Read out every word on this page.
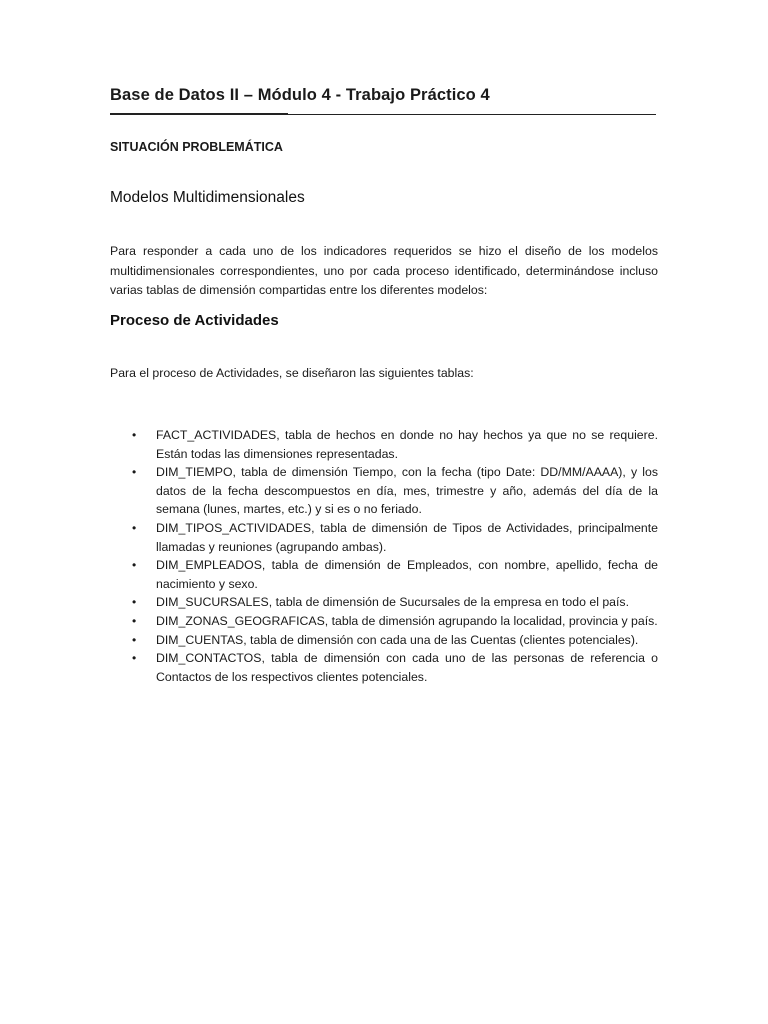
Base de Datos II – Módulo 4 - Trabajo Práctico 4
SITUACIÓN PROBLEMÁTICA
Modelos Multidimensionales

Para responder a cada uno de los indicadores requeridos se hizo el diseño de los modelos multidimensionales correspondientes, uno por cada proceso identificado, determinándose incluso varias tablas de dimensión compartidas entre los diferentes modelos:

Proceso de Actividades
Para el proceso de Actividades, se diseñaron las siguientes tablas:
• FACT_ACTIVIDADES, tabla de hechos en donde no hay hechos ya que no se requiere. Están todas las dimensiones representadas.
• DIM_TIEMPO, tabla de dimensión Tiempo, con la fecha (tipo Date: DD/MM/AAAA), y los datos de la fecha descompuestos en día, mes, trimestre y año, además del día de la semana (lunes, martes, etc.) y si es o no feriado.
• DIM_TIPOS_ACTIVIDADES, tabla de dimensión de Tipos de Actividades, principalmente llamadas y reuniones (agrupando ambas).
• DIM_EMPLEADOS, tabla de dimensión de Empleados, con nombre, apellido, fecha de nacimiento y sexo.
• DIM_SUCURSALES, tabla de dimensión de Sucursales de la empresa en todo el país.
• DIM_ZONAS_GEOGRAFICAS, tabla de dimensión agrupando la localidad, provincia y país.
• DIM_CUENTAS, tabla de dimensión con cada una de las Cuentas (clientes potenciales).
• DIM_CONTACTOS, tabla de dimensión con cada uno de las personas de referencia o Contactos de los respectivos clientes potenciales.
